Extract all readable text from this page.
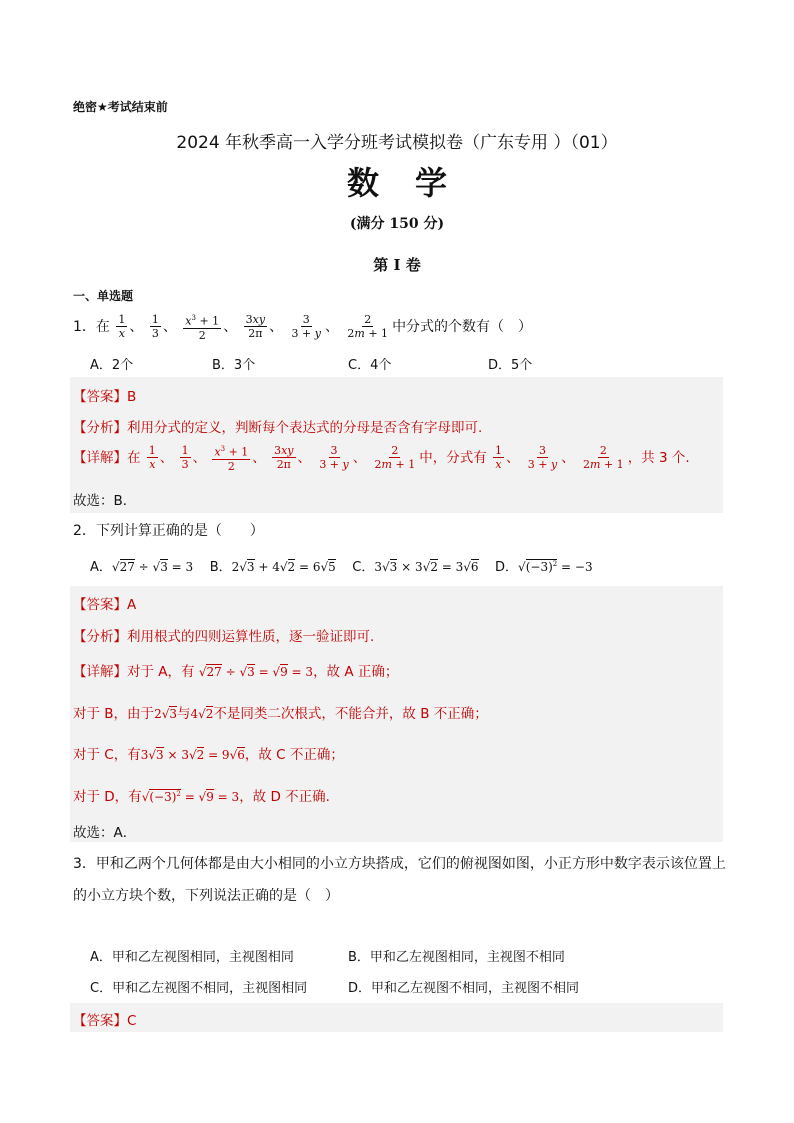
绝密★考试结束前
2024 年秋季高一入学分班考试模拟卷（广东专用 ）（01）
数学
(满分 150 分)
第 I 卷
一、单选题
1．在 $\frac{1}{x}$ 、 $\frac{1}{3}$ 、 $\frac{x^3 + 1}{2}$ 、 $\frac{3xy}{2\pi}$ 、 $\frac{3}{3 + y}$ 、 $\frac{2}{2m + 1}$ 中分式的个数有（　）
A．2个	B．3个	C．4个	D．5个
【答案】B
【分析】利用分式的定义，判断每个表达式的分母是否含有字母即可.
【详解】在 $\frac{1}{x}$ 、 $\frac{1}{3}$ 、 $\frac{x^3 + 1}{2}$ 、 $\frac{3xy}{2\pi}$ 、 $\frac{3}{3 + y}$ 、 $\frac{2}{2m + 1}$ 中，分式有 $\frac{1}{x}$ 、 $\frac{3}{3 + y}$ 、 $\frac{2}{2m + 1}$ ，共 3 个.
故选：B．
2．下列计算正确的是（　　）
A．√27 ÷ √3 = 3 B．2√3 + 4√2 = 6√5 C．3√3 × 3√2 = 3√6 D．$√(-3)^2 = -3$
【答案】A
【分析】利用根式的四则运算性质，逐一验证即可.
【详解】对于 A，有 √27 ÷ √3 = √9 = 3，故 A 正确；
对于 B，由于2√3与4√2不是同类二次根式，不能合并，故 B 不正确；
对于 C，有3√3 × 3√2 = 9√6，故 C 不正确；
对于 D，有$√(-3)^2 = √9 = 3$，故 D 不正确.
故选：A．
3．甲和乙两个几何体都是由大小相同的小立方块搭成，它们的俯视图如图，小正方形中数字表示该位置上
的小立方块个数，下列说法正确的是（　）
A．甲和乙左视图相同，主视图相同	B．甲和乙左视图相同，主视图不相同
C．甲和乙左视图不相同，主视图相同	D．甲和乙左视图不相同，主视图不相同
【答案】C
